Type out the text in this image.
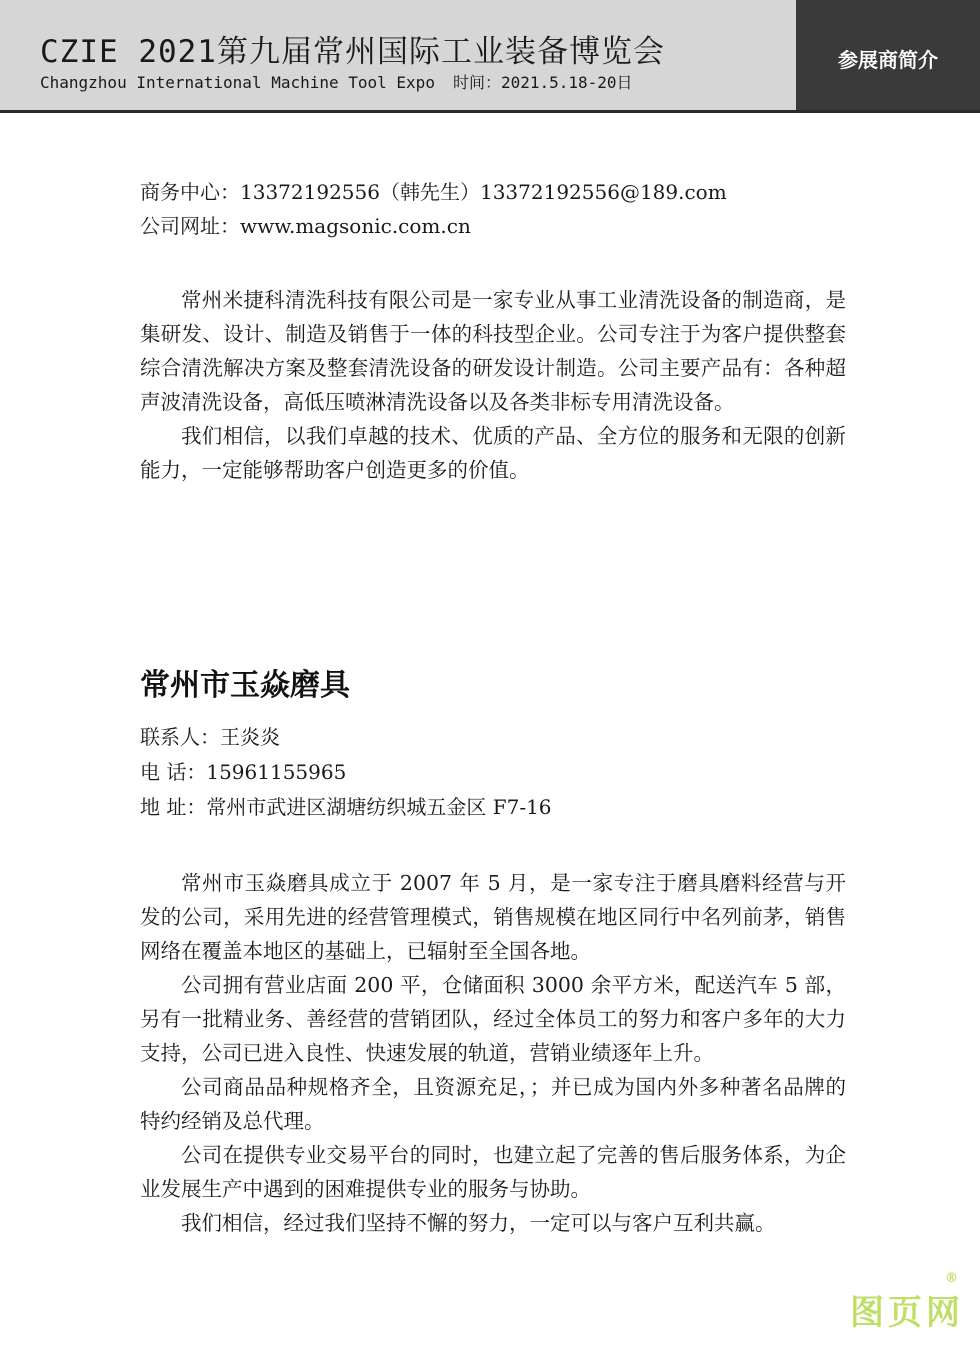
CZIE 2021第九届常州国际工业装备博览会
Changzhou International Machine Tool Expo 时间：2021.5.18-20日
参展商简介
商务中心：13372192556（韩先生）13372192556@189.com
公司网址：www.magsonic.com.cn

常州米捷科清洗科技有限公司是一家专业从事工业清洗设备的制造商，是集研发、设计、制造及销售于一体的科技型企业。公司专注于为客户提供整套综合清洗解决方案及整套清洗设备的研发设计制造。公司主要产品有：各种超声波清洗设备，高低压喷淋清洗设备以及各类非标专用清洗设备。

我们相信，以我们卓越的技术、优质的产品、全方位的服务和无限的创新能力，一定能够帮助客户创造更多的价值。

常州市玉焱磨具
联系人：王炎炎
电 话：15961155965
地 址：常州市武进区湖塘纺织城五金区 F7-16

常州市玉焱磨具成立于 2007 年 5 月，是一家专注于磨具磨料经营与开发的公司，采用先进的经营管理模式，销售规模在地区同行中名列前茅，销售网络在覆盖本地区的基础上，已辐射至全国各地。

公司拥有营业店面 200 平，仓储面积 3000 余平方米，配送汽车 5 部，另有一批精业务、善经营的营销团队，经过全体员工的努力和客户多年的大力支持，公司已进入良性、快速发展的轨道，营销业绩逐年上升。

公司商品品种规格齐全，且资源充足，；并已成为国内外多种著名品牌的特约经销及总代理。

公司在提供专业交易平台的同时，也建立起了完善的售后服务体系，为企业发展生产中遇到的困难提供专业的服务与协助。

我们相信，经过我们坚持不懈的努力，一定可以与客户互利共赢。

图页网
®
